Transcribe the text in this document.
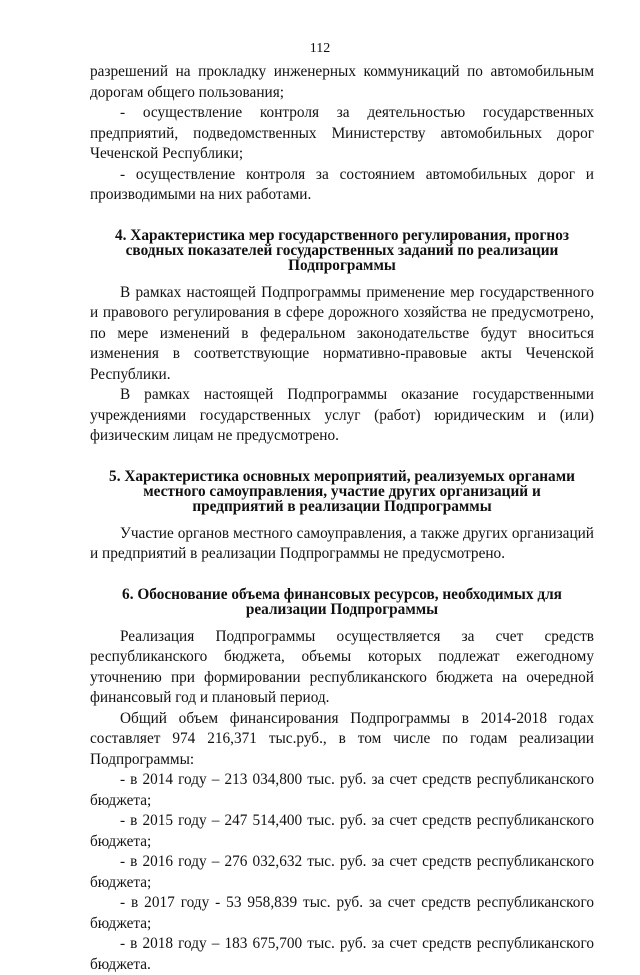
112

разрешений на прокладку инженерных коммуникаций по автомобильным дорогам общего пользования;

- осуществление контроля за деятельностью государственных предприятий, подведомственных Министерству автомобильных дорог Чеченской Республики;

- осуществление контроля за состоянием автомобильных дорог и производимыми на них работами.

4. Характеристика мер государственного регулирования, прогноз сводных показателей государственных заданий по реализации Подпрограммы

В рамках настоящей Подпрограммы применение мер государственного и правового регулирования в сфере дорожного хозяйства не предусмотрено, по мере изменений в федеральном законодательстве будут вноситься изменения в соответствующие нормативно-правовые акты Чеченской Республики.

В рамках настоящей Подпрограммы оказание государственными учреждениями государственных услуг (работ) юридическим и (или) физическим лицам не предусмотрено.

5. Характеристика основных мероприятий, реализуемых органами местного самоуправления, участие других организаций и предприятий в реализации Подпрограммы

Участие органов местного самоуправления, а также других организаций и предприятий в реализации Подпрограммы не предусмотрено.

6. Обоснование объема финансовых ресурсов, необходимых для реализации Подпрограммы

Реализация Подпрограммы осуществляется за счет средств республиканского бюджета, объемы которых подлежат ежегодному уточнению при формировании республиканского бюджета на очередной финансовый год и плановый период.

Общий объем финансирования Подпрограммы в 2014-2018 годах составляет 974 216,371 тыс.руб., в том числе по годам реализации Подпрограммы:

- в 2014 году – 213 034,800 тыс. руб. за счет средств республиканского бюджета;

- в 2015 году – 247 514,400 тыс. руб. за счет средств республиканского бюджета;

- в 2016 году – 276 032,632 тыс. руб. за счет средств республиканского бюджета;

- в 2017 году - 53 958,839 тыс. руб. за счет средств республиканского бюджета;

- в 2018 году – 183 675,700 тыс. руб. за счет средств республиканского бюджета.
